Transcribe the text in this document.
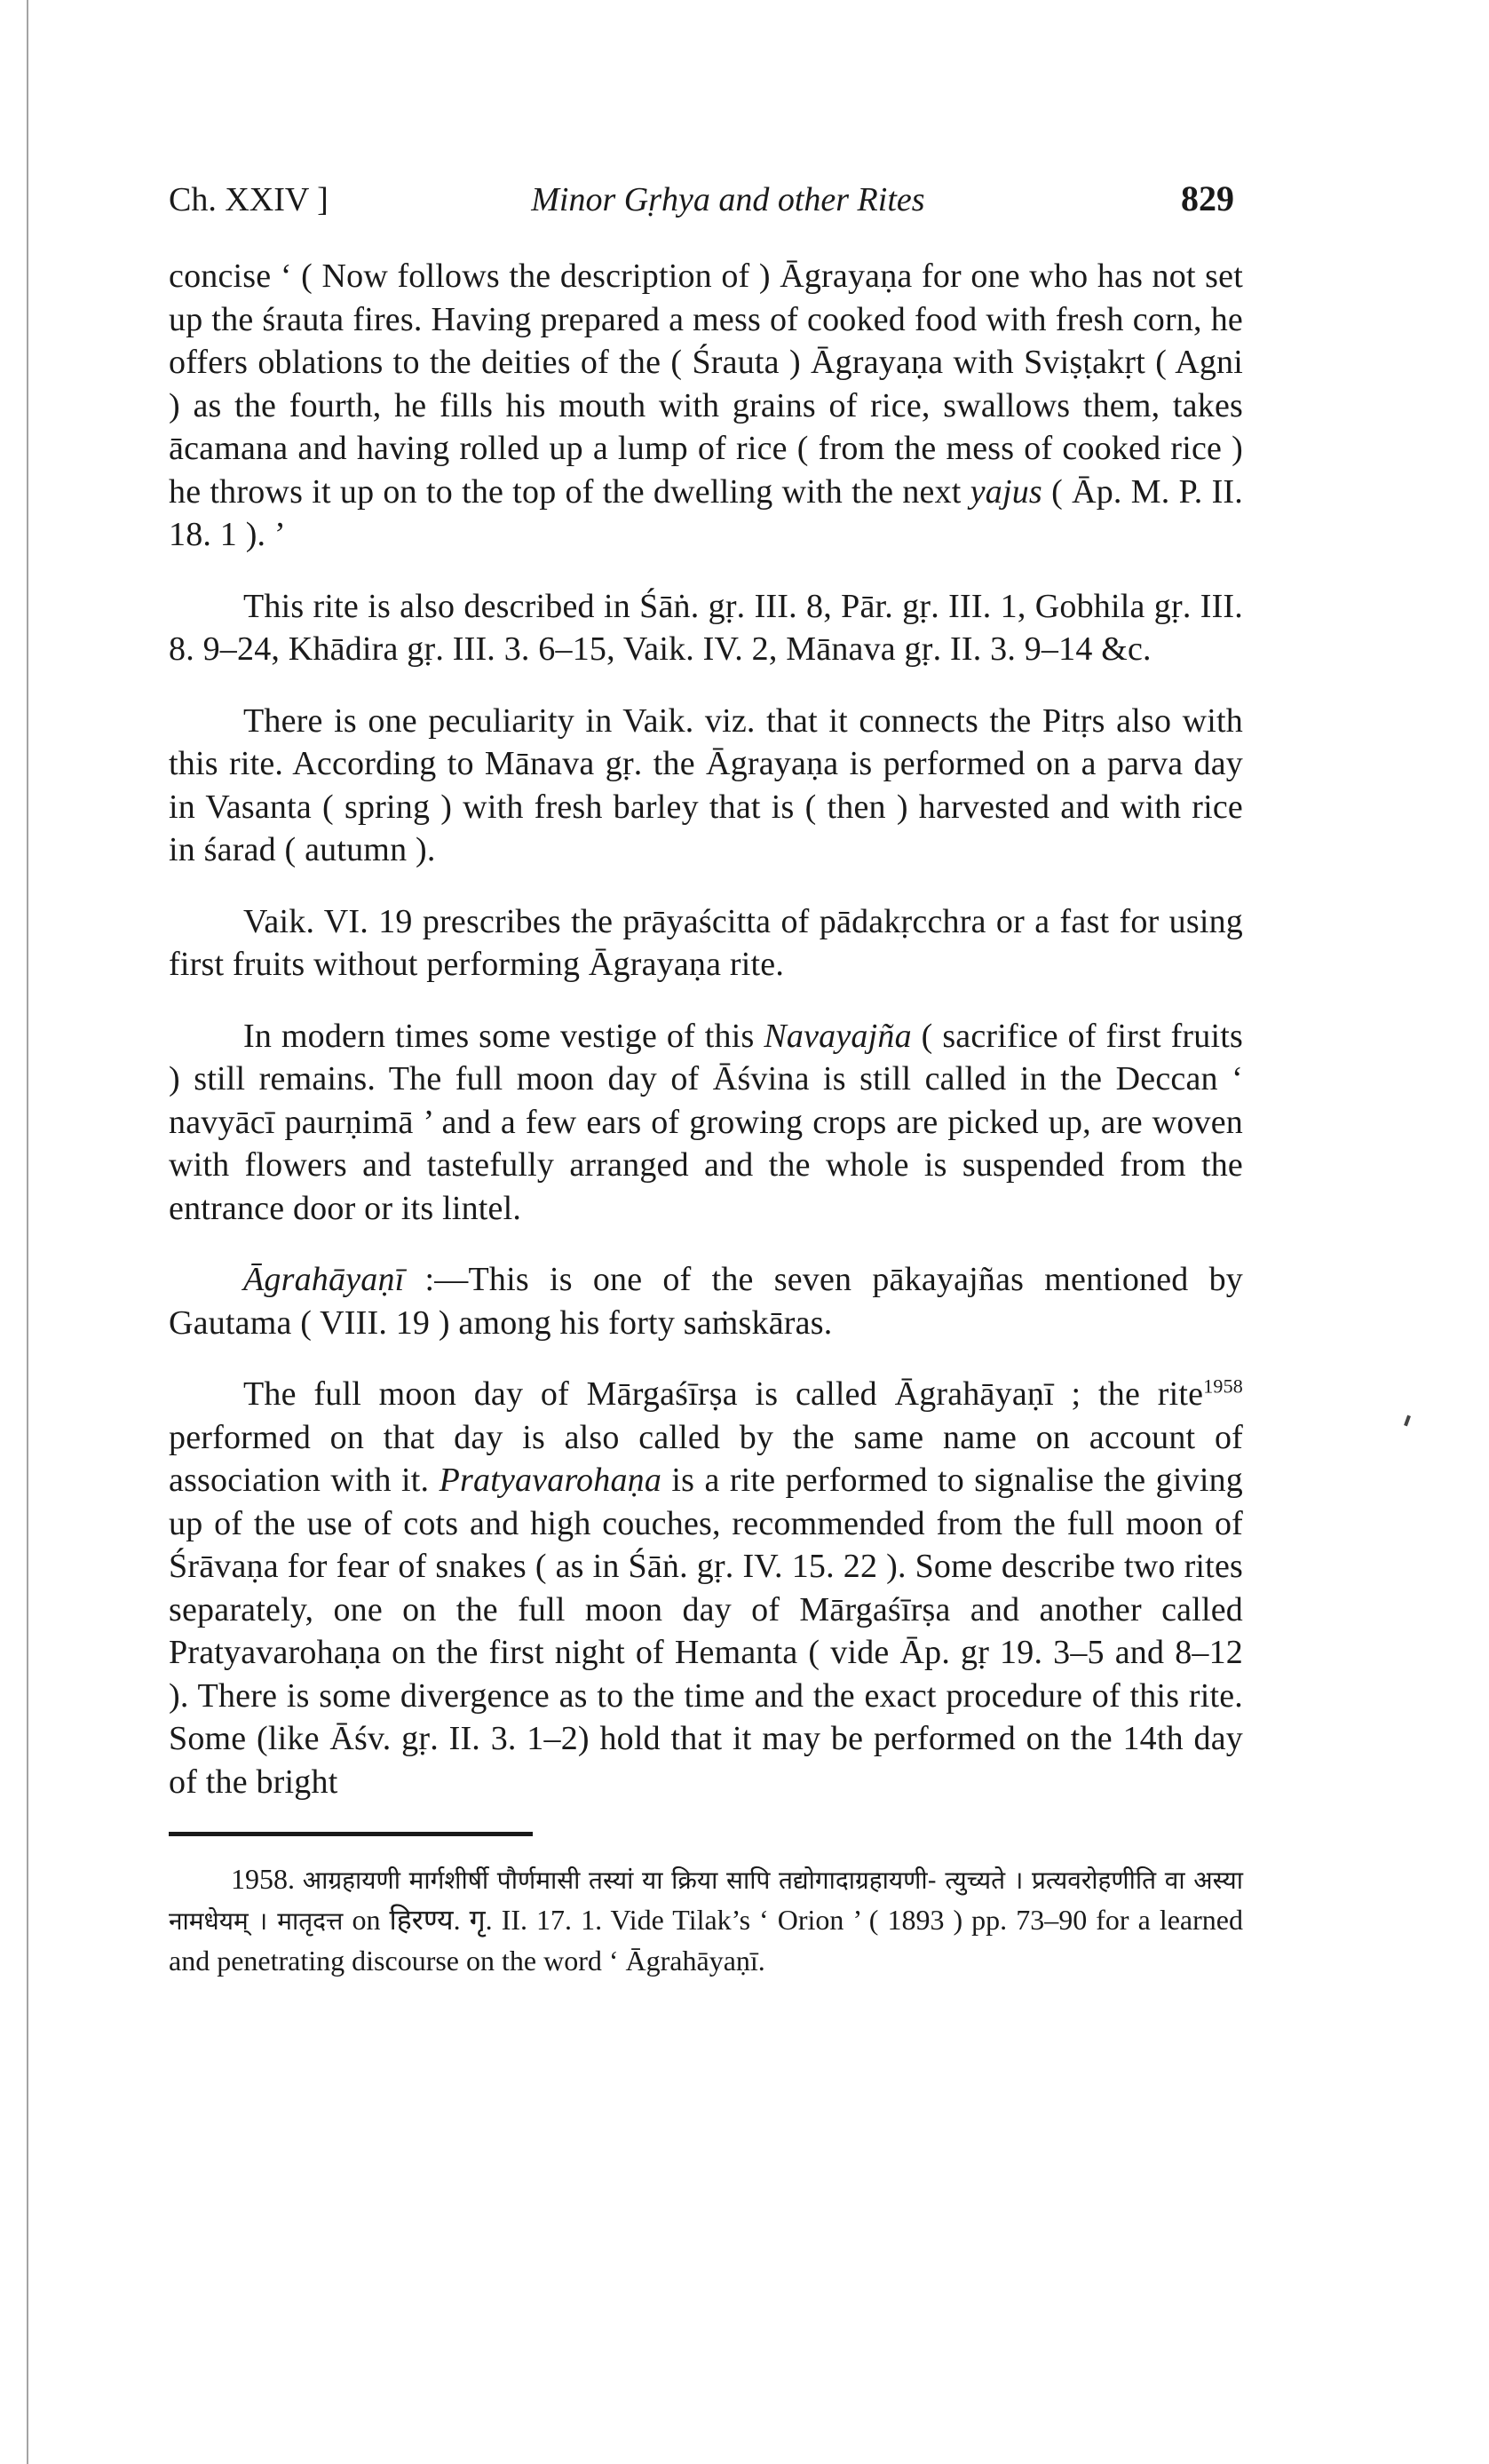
Ch. XXIV ]	Minor Gṛhya and other Rites	829

concise ‘ ( Now follows the description of ) Āgrayaṇa for one who has not set up the śrauta fires. Having prepared a mess of cooked food with fresh corn, he offers oblations to the deities of the ( Śrauta ) Āgrayaṇa with Sviṣṭakṛt ( Agni ) as the fourth, he fills his mouth with grains of rice, swallows them, takes ācamana and having rolled up a lump of rice ( from the mess of cooked rice ) he throws it up on to the top of the dwelling with the next yajus ( Āp. M. P. II. 18. 1 ). ’

This rite is also described in Śāṅ. gṛ. III. 8, Pār. gṛ. III. 1, Gobhila gṛ. III. 8. 9–24, Khādira gṛ. III. 3. 6–15, Vaik. IV. 2, Mānava gṛ. II. 3. 9–14 &c.

There is one peculiarity in Vaik. viz. that it connects the Pitṛs also with this rite. According to Mānava gṛ. the Āgrayaṇa is performed on a parva day in Vasanta ( spring ) with fresh barley that is ( then ) harvested and with rice in śarad ( autumn ).

Vaik. VI. 19 prescribes the prāyaścitta of pādakṛcchra or a fast for using first fruits without performing Āgrayaṇa rite.

In modern times some vestige of this Navayajña ( sacrifice of first fruits ) still remains. The full moon day of Āśvina is still called in the Deccan ‘ navyācī paurṇimā ’ and a few ears of growing crops are picked up, are woven with flowers and tastefully arranged and the whole is suspended from the entrance door or its lintel.

Āgrahāyaṇī :—This is one of the seven pākayajñas mentioned by Gautama ( VIII. 19 ) among his forty saṁskāras.

The full moon day of Mārgaśīrṣa is called Āgrahāyaṇī ; the rite$^{1958}$ performed on that day is also called by the same name on account of association with it. Pratyavarohaṇa is a rite performed to signalise the giving up of the use of cots and high couches, recommended from the full moon of Śrāvaṇa for fear of snakes ( as in Śāṅ. gṛ. IV. 15. 22 ). Some describe two rites separately, one on the full moon day of Mārgaśīrṣa and another called Pratyavarohaṇa on the first night of Hemanta ( vide Āp. gṛ 19. 3–5 and 8–12 ). There is some divergence as to the time and the exact procedure of this rite. Some (like Āśv. gṛ. II. 3. 1–2) hold that it may be performed on the 14th day of the bright

1958. आग्रहायणी मार्गशीर्षी पौर्णमासी तस्यां या क्रिया सापि तद्योगादाग्रहायणी- त्युच्यते । प्रत्यवरोहणीति वा अस्या नामधेयम् । मातृदत्त on हिरण्य. गृ. II. 17. 1. Vide Tilak’s ‘ Orion ’ ( 1893 ) pp. 73–90 for a learned and penetrating discourse on the word ‘ Āgrahāyaṇī.
